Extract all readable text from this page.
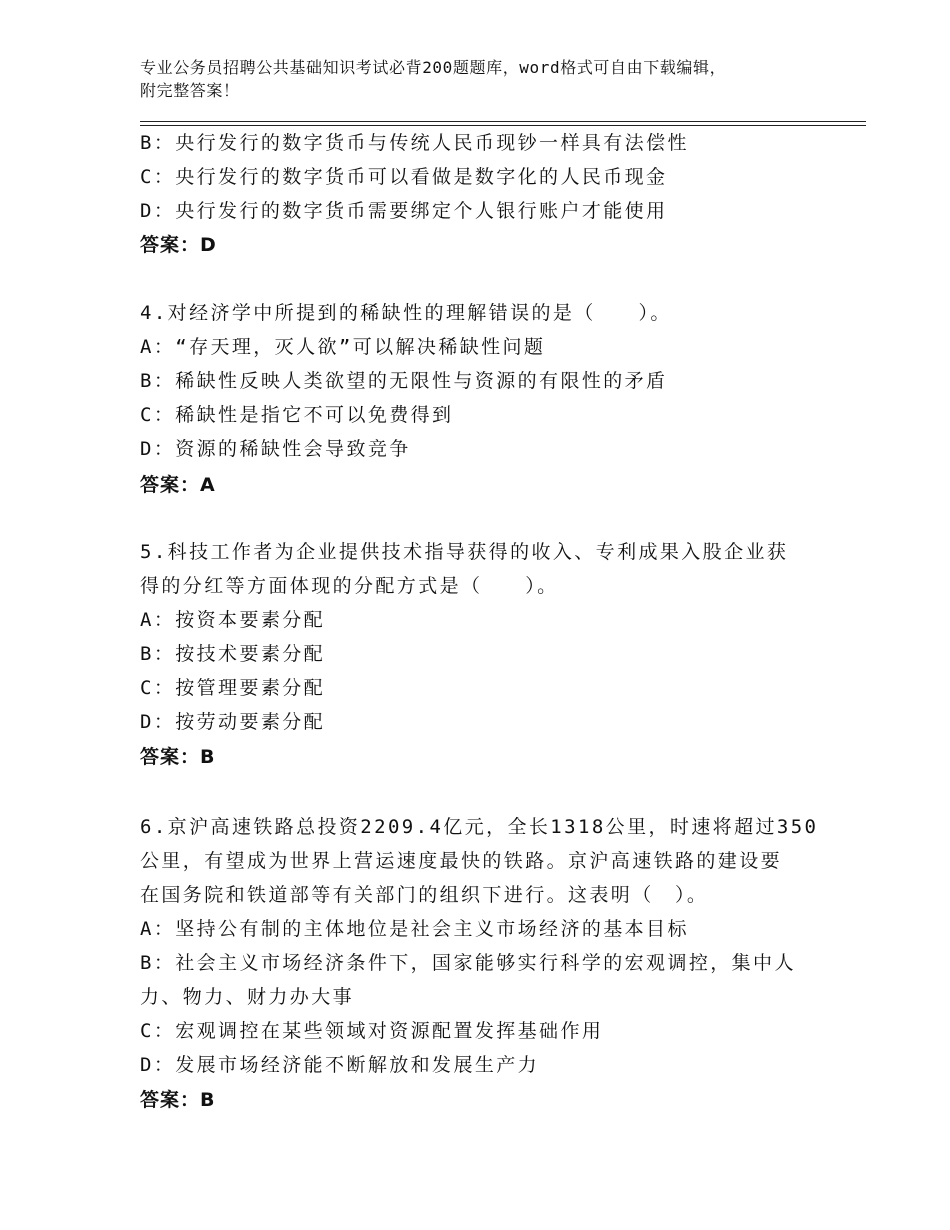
专业公务员招聘公共基础知识考试必背200题题库，word格式可自由下载编辑，
附完整答案！
B：央行发行的数字货币与传统人民币现钞一样具有法偿性
C：央行发行的数字货币可以看做是数字化的人民币现金
D：央行发行的数字货币需要绑定个人银行账户才能使用
答案：D
4.对经济学中所提到的稀缺性的理解错误的是（　　）。
A：“存天理，灭人欲”可以解决稀缺性问题
B：稀缺性反映人类欲望的无限性与资源的有限性的矛盾
C：稀缺性是指它不可以免费得到
D：资源的稀缺性会导致竞争
答案：A
5.科技工作者为企业提供技术指导获得的收入、专利成果入股企业获
得的分红等方面体现的分配方式是（　　）。
A：按资本要素分配
B：按技术要素分配
C：按管理要素分配
D：按劳动要素分配
答案：B
6.京沪高速铁路总投资2209.4亿元，全长1318公里，时速将超过350
公里，有望成为世界上营运速度最快的铁路。京沪高速铁路的建设要
在国务院和铁道部等有关部门的组织下进行。这表明（　）。
A：坚持公有制的主体地位是社会主义市场经济的基本目标
B：社会主义市场经济条件下，国家能够实行科学的宏观调控，集中人
力、物力、财力办大事
C：宏观调控在某些领域对资源配置发挥基础作用
D：发展市场经济能不断解放和发展生产力
答案：B
